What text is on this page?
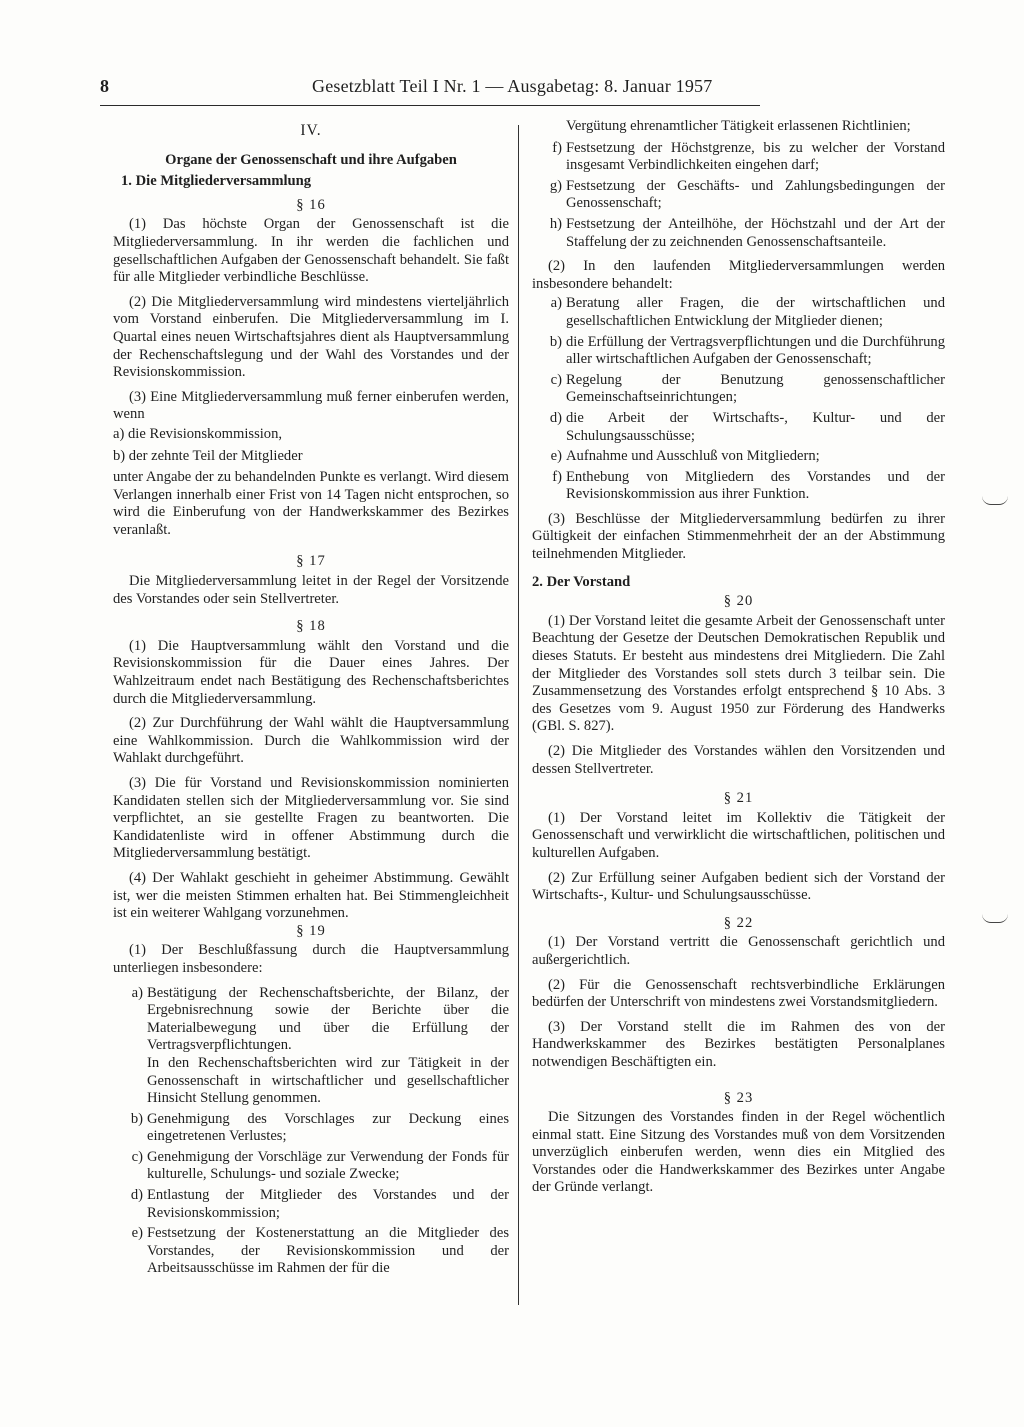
8	Gesetzblatt Teil I Nr. 1 — Ausgabetag: 8. Januar 1957
IV.
Organe der Genossenschaft und ihre Aufgaben
1. Die Mitgliederversammlung
§ 16

(1) Das höchste Organ der Genossenschaft ist die Mitgliederversammlung. In ihr werden die fachlichen und gesellschaftlichen Aufgaben der Genossenschaft behandelt. Sie faßt für alle Mitglieder verbindliche Beschlüsse.

(2) Die Mitgliederversammlung wird mindestens vierteljährlich vom Vorstand einberufen. Die Mitgliederversammlung im I. Quartal eines neuen Wirtschaftsjahres dient als Hauptversammlung der Rechenschaftslegung und der Wahl des Vorstandes und der Revisionskommission.

(3) Eine Mitgliederversammlung muß ferner einberufen werden, wenn

a) die Revisionskommission,
b) der zehnte Teil der Mitglieder

unter Angabe der zu behandelnden Punkte es verlangt. Wird diesem Verlangen innerhalb einer Frist von 14 Tagen nicht entsprochen, so wird die Einberufung von der Handwerkskammer des Bezirkes veranlaßt.

§ 17

Die Mitgliederversammlung leitet in der Regel der Vorsitzende des Vorstandes oder sein Stellvertreter.

§ 18

(1) Die Hauptversammlung wählt den Vorstand und die Revisionskommission für die Dauer eines Jahres. Der Wahlzeitraum endet nach Bestätigung des Rechenschaftsberichtes durch die Mitgliederversammlung.

(2) Zur Durchführung der Wahl wählt die Hauptversammlung eine Wahlkommission. Durch die Wahlkommission wird der Wahlakt durchgeführt.

(3) Die für Vorstand und Revisionskommission nominierten Kandidaten stellen sich der Mitgliederversammlung vor. Sie sind verpflichtet, an sie gestellte Fragen zu beantworten. Die Kandidatenliste wird in offener Abstimmung durch die Mitgliederversammlung bestätigt.

(4) Der Wahlakt geschieht in geheimer Abstimmung. Gewählt ist, wer die meisten Stimmen erhalten hat. Bei Stimmengleichheit ist ein weiterer Wahlgang vorzunehmen.

§ 19

(1) Der Beschlußfassung durch die Hauptversammlung unterliegen insbesondere:

a) Bestätigung der Rechenschaftsberichte, der Bilanz, der Ergebnisrechnung sowie der Berichte über die Materialbewegung und über die Erfüllung der Vertragsverpflichtungen.
In den Rechenschaftsberichten wird zur Tätigkeit in der Genossenschaft in wirtschaftlicher und gesellschaftlicher Hinsicht Stellung genommen.
b) Genehmigung des Vorschlages zur Deckung eines eingetretenen Verlustes;
c) Genehmigung der Vorschläge zur Verwendung der Fonds für kulturelle, Schulungs- und soziale Zwecke;
d) Entlastung der Mitglieder des Vorstandes und der Revisionskommission;
e) Festsetzung der Kostenerstattung an die Mitglieder des Vorstandes, der Revisionskommission und der Arbeitsausschüsse im Rahmen der für die
Vergütung ehrenamtlicher Tätigkeit erlassenen Richtlinien;
f) Festsetzung der Höchstgrenze, bis zu welcher der Vorstand insgesamt Verbindlichkeiten eingehen darf;
g) Festsetzung der Geschäfts- und Zahlungsbedingungen der Genossenschaft;
h) Festsetzung der Anteilhöhe, der Höchstzahl und der Art der Staffelung der zu zeichnenden Genossenschaftsanteile.

(2) In den laufenden Mitgliederversammlungen werden insbesondere behandelt:

a) Beratung aller Fragen, die der wirtschaftlichen und gesellschaftlichen Entwicklung der Mitglieder dienen;
b) die Erfüllung der Vertragsverpflichtungen und die Durchführung aller wirtschaftlichen Aufgaben der Genossenschaft;
c) Regelung der Benutzung genossenschaftlicher Gemeinschaftseinrichtungen;
d) die Arbeit der Wirtschafts-, Kultur- und der Schulungsausschüsse;
e) Aufnahme und Ausschluß von Mitgliedern;
f) Enthebung von Mitgliedern des Vorstandes und der Revisionskommission aus ihrer Funktion.

(3) Beschlüsse der Mitgliederversammlung bedürfen zu ihrer Gültigkeit der einfachen Stimmenmehrheit der an der Abstimmung teilnehmenden Mitglieder.

2. Der Vorstand
§ 20

(1) Der Vorstand leitet die gesamte Arbeit der Genossenschaft unter Beachtung der Gesetze der Deutschen Demokratischen Republik und dieses Statuts. Er besteht aus mindestens drei Mitgliedern. Die Zahl der Mitglieder des Vorstandes soll stets durch 3 teilbar sein. Die Zusammensetzung des Vorstandes erfolgt entsprechend § 10 Abs. 3 des Gesetzes vom 9. August 1950 zur Förderung des Handwerks (GBl. S. 827).

(2) Die Mitglieder des Vorstandes wählen den Vorsitzenden und dessen Stellvertreter.

§ 21

(1) Der Vorstand leitet im Kollektiv die Tätigkeit der Genossenschaft und verwirklicht die wirtschaftlichen, politischen und kulturellen Aufgaben.

(2) Zur Erfüllung seiner Aufgaben bedient sich der Vorstand der Wirtschafts-, Kultur- und Schulungsausschüsse.

§ 22

(1) Der Vorstand vertritt die Genossenschaft gerichtlich und außergerichtlich.

(2) Für die Genossenschaft rechtsverbindliche Erklärungen bedürfen der Unterschrift von mindestens zwei Vorstandsmitgliedern.

(3) Der Vorstand stellt die im Rahmen des von der Handwerkskammer des Bezirkes bestätigten Personalplanes notwendigen Beschäftigten ein.

§ 23

Die Sitzungen des Vorstandes finden in der Regel wöchentlich einmal statt. Eine Sitzung des Vorstandes muß von dem Vorsitzenden unverzüglich einberufen werden, wenn dies ein Mitglied des Vorstandes oder die Handwerkskammer des Bezirkes unter Angabe der Gründe verlangt.
